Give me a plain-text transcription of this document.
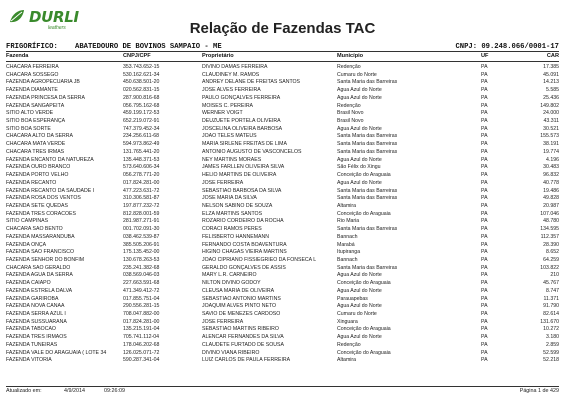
DURLI
leathers	Relação de Fazendas TAC
FRIGORÍFICO: ABATEDOURO DE BOVINOS SAMPAIO - ME	CNPJ: 09.248.066/0001-17
Fazenda	CNPJ/CPF	Proprietário	Município	UF	CAR
CHACARA FERREIRA	353.743.652-15	DIVINO DAMAS FERREIRA	Redenção	PA	17.385
CHACARA SOSSEGO	530.162.621-34	CLAUDINEY M. RAMOS	Cumaru do Norte	PA	45.091
FAZENDA AGROPECUARIA JB	450.638.501-20	ANDREY DELANE DE FREITAS SANTOS	Santa Maria das Barreiras	PA	14.213
FAZENDA DIAMANTE	020.562.831-15	JOSE ALVES FERREIRA	Água Azul do Norte	PA	5.585
FAZENDA PRINCESA DA SERRA	287.900.816-68	PAULO GONÇALVES FERREIRA	Água Azul do Norte	PA	25.436
FAZENDA SANGAPEITÃ	056.795.162-68	MOISES C. PEREIRA	Redenção	PA	149.802
SITIO ALTO VERDE	459.199.172-53	WERNER VOIGT	Brasil Novo	PA	24.000
SITIO BOA ESPERANÇA	652.219.072-91	DEUZUETE PORTELA OLIVEIRA	Brasil Novo	PA	43.311
SITIO BOA SORTE	747.379.452-34	JOSCELINA OLIVEIRA BARBOSA	Água Azul do Norte	PA	30.521
CHACARA ALTO DA SERRA	234.256.611-68	JOAO TELES MATEUS	Santa Maria das Barreiras	PA	155.573
CHACARA MATA VERDE	594.973.862-49	MARIA SIRLENE FREITAS DE LIMA	Santa Maria das Barreiras	PA	38.191
CHACARA TRES IRMAS	131.765.441-20	ANTONIO AUGUSTO DE VASCONCELOS	Santa Maria das Barreiras	PA	19.774
FAZENDA ENCANTO DA NATUREZA	135.448.371-53	NEY MARTINS MORAES	Água Azul do Norte	PA	4.196
FAZENDA OURO BRANCO	573.640.606-34	JAMES FARLLEN OLIVEIRA SILVA	São Félix do Xingu	PA	30.483
FAZENDA PORTO VELHO	056.278.771-20	HELIO MARTINS DE OLIVEIRA	Conceição do Araguaia	PA	96.832
FAZENDA RECANTO	017.824.281-00	JOSE FERREIRA	Água Azul do Norte	PA	40.778
FAZENDA RECANTO DA SAUDADE I	477.223.631-72	SEBASTIAO BARBOSA DA SILVA	Santa Maria das Barreiras	PA	19.486
FAZENDA ROSA DOS VENTOS	310.306.581-87	JOSE MARIA DA SILVA	Santa Maria das Barreiras	PA	49.828
FAZENDA SETE QUEDAS	197.877.232-72	NELSON SABINO DE SOUZA	Altamira	PA	20.987
FAZENDA TRES CORACOES	812.828.001-59	ELZA MARTINS SANTOS	Conceição do Araguaia	PA	107.046
SITIO CAMPINAS	281.987.271-91	ROZARIO CORDEIRO DA ROCHA	Rio Maria	PA	48.780
CHACARA SAO BENTO	001.702.091-30	CORACI RAMOS PERES	Santa Maria das Barreiras	PA	134.595
FAZENDA MASSARANDUBA	038.462.539-87	FELISBERTO HANNEMANN	Bannach	PA	112.357
FAZENDA ONÇA	385.505.206-91	FERNANDO COSTA BOAVENTURA	Marabá	PA	28.390
FAZENDA SAO FRANCISCO	175.135.452-00	HIGINO CHAGAS VIEIRA MARTINS	Itupiranga	PA	8.652
FAZENDA SENHOR DO BONFIM	130.678.263-53	JOAO CIPRIANO FISSIEGRIEO DA FONSECA L	Bannach	PA	64.259
CHACARA SAO GERALDO	235.241.382-68	GERALDO GONÇALVES DE ASSIS	Santa Maria das Barreiras	PA	103.822
FAZENDA AGUA DA SERRA	038.569.046-03	MARY L.R. CARNEIRO	Água Azul do Norte	PA	210
FAZENDA CAIAPO	227.663.591-68	NILTON DIVINO GODOY	Conceição do Araguaia	PA	45.767
FAZENDA ESTRELA DALVA	471.349.412-72	CLEUSA MARIA DE OLIVEIRA	Água Azul do Norte	PA	8.747
FAZENDA GARIROBA	017.855.751-04	SEBASTIAO ANTONIO MARTINS	Parauapebas	PA	11.371
FAZENDA NOVA CANAA	290.556.281-15	JOAQUIM ALVES PINTO NETO	Água Azul do Norte	PA	91.790
FAZENDA SERRA AZUL I	708.047.882-00	SAVIO DE MENEZES CARDOSO	Cumaru do Norte	PA	82.614
FAZENDA SUSSUARANA	017.824.281-00	JOSE FERREIRA	Xinguara	PA	131.670
FAZENDA TABOCAO	135.215.191-04	SEBASTIAO MARTINS RIBEIRO	Conceição do Araguaia	PA	10.272
FAZENDA TRES IRMAOS	705.741.112-04	ALENCAR FERNANDES DA SILVA	Água Azul do Norte	PA	3.180
FAZENDA TUNEIRAS	178.046.202-68	CLAUDETE FURTADO DE SOUSA	Redenção	PA	2.859
FAZENDA VALE DO ARAGUAIA ( LOTE 34	126.025.071-72	DIVINO VIANA RIBEIRO	Conceição do Araguaia	PA	52.599
FAZENDA VITORIA	590.287.341-04	LUIZ CARLOS DE PAULA FERREIRA	Altamira	PA	52.218
Atualizado em:	4/9/2014	09:26:09	Página 1 de 429
